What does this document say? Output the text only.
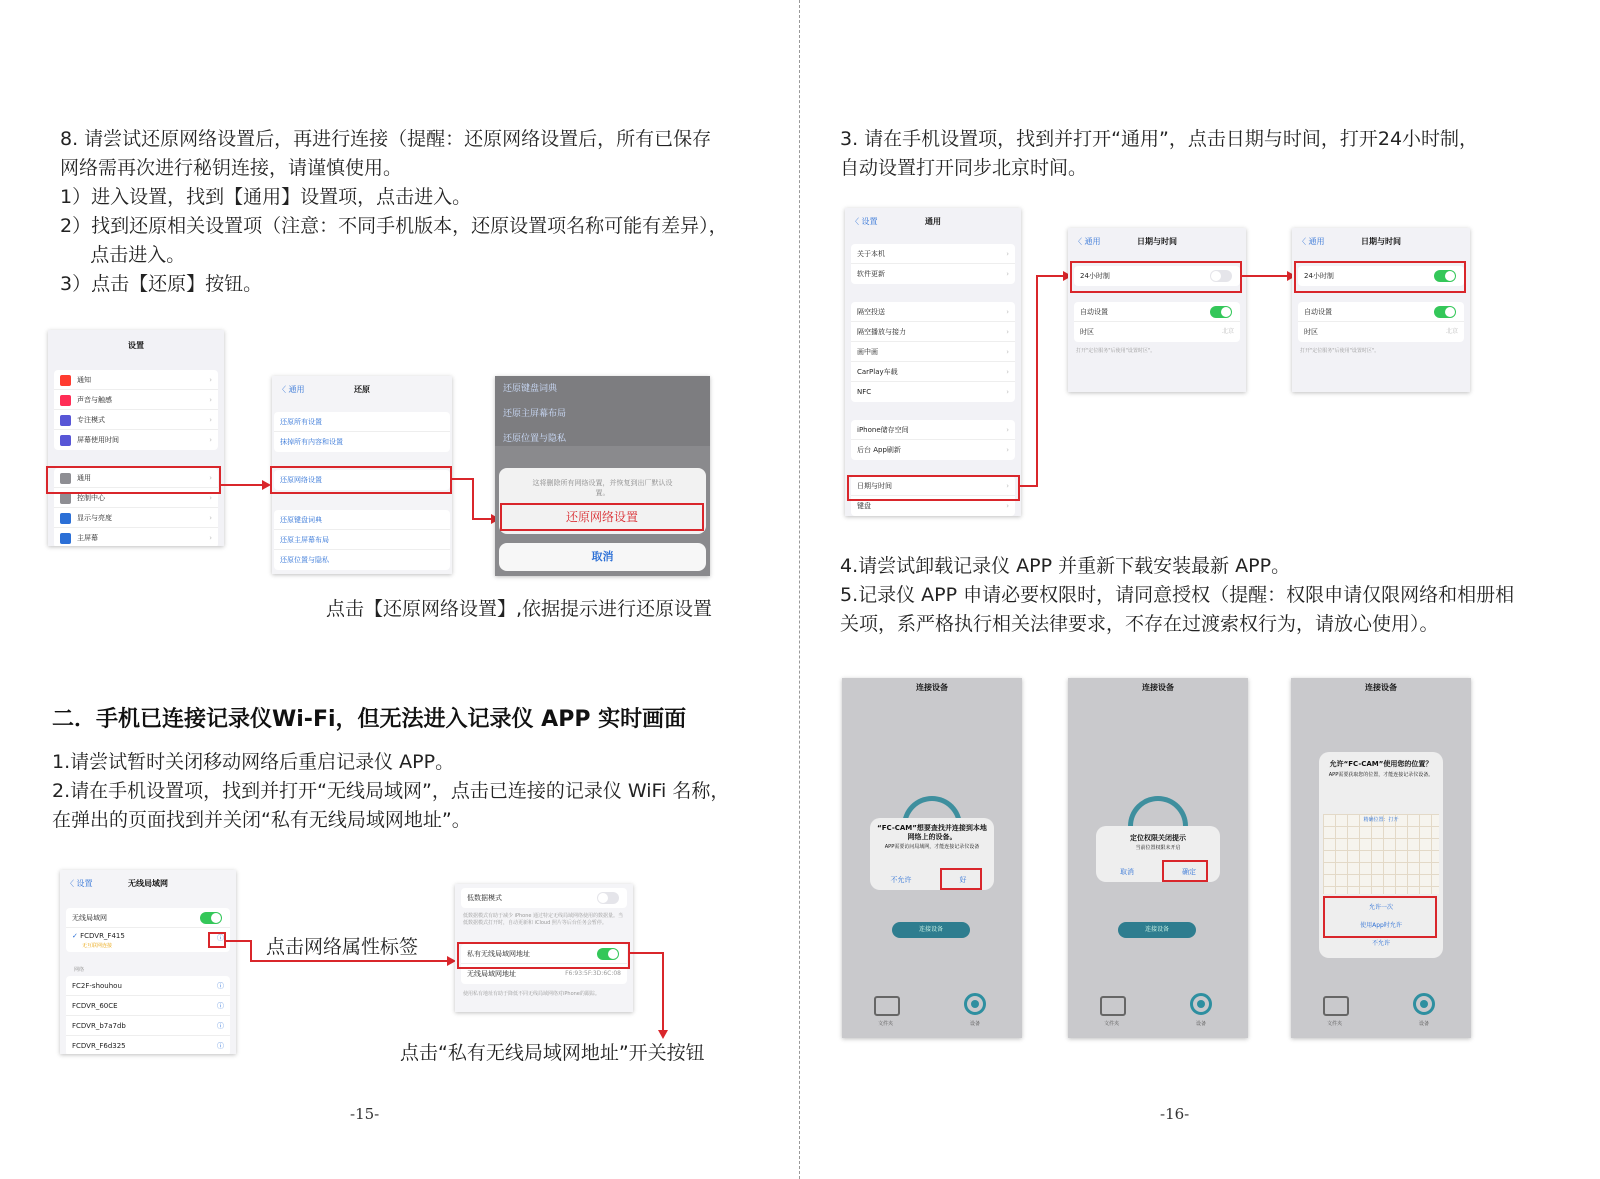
8. 请尝试还原网络设置后，再进行连接（提醒：还原网络设置后，所有已保存
网络需再次进行秘钥连接，请谨慎使用。
1）进入设置，找到【通用】设置项，点击进入。
2）找到还原相关设置项（注意：不同手机版本，还原设置项名称可能有差异），
点击进入。
3）点击【还原】按钮。
设置
通知	›
声音与触感	›
专注模式	›
屏幕使用时间	›
通用	›
控制中心	›
显示与亮度	›
主屏幕	›
〈 通用	还原
还原所有设置
抹掉所有内容和设置
还原网络设置
还原键盘词典
还原主屏幕布局
还原位置与隐私
还原键盘词典
还原主屏幕布局
还原位置与隐私
这将删除所有网络设置，并恢复到出厂默认设置。
取消
还原网络设置
点击【还原网络设置】,依据提示进行还原设置
二．手机已连接记录仪Wi-Fi，但无法进入记录仪 APP 实时画面
1.请尝试暂时关闭移动网络后重启记录仪 APP。
2.请在手机设置项，找到并打开“无线局域网”，点击已连接的记录仪 WiFi 名称，
在弹出的页面找到并关闭“私有无线局域网地址”。
〈 设置	无线局域网
无线局域网
✓ FCDVR_F415
无互联网连接
ⓘ
网络
FC2F-shouhou	ⓘ
FCDVR_60CE	ⓘ
FCDVR_b7a7db	ⓘ
FCDVR_F6d325	ⓘ
点击网络属性标签
低数据模式
低数据模式有助于减少 iPhone 通过特定无线局域网络使用的数据量。当低数据模式打开时，自动更新和 iCloud 照片等后台任务会暂停。
私有无线局域网地址
无线局域网地址	F6:93:5F:3D:6C:08
使用私有地址有助于降低不同无线局域网络对iPhone的跟踪。
点击“私有无线局域网地址”开关按钮
-15-
3. 请在手机设置项，找到并打开“通用”，点击日期与时间，打开24小时制，
自动设置打开同步北京时间。
〈 设置	通用
关于本机	›
软件更新	›
隔空投送	›
隔空播放与接力	›
画中画	›
CarPlay车载	›
NFC	›
iPhone储存空间	›
后台 App刷新	›
日期与时间	›
键盘	›
〈 通用	日期与时间
24小时制
自动设置
时区	北京
打开"定位服务"后使用"设置时区"。
〈 通用	日期与时间
24小时制
自动设置
时区	北京
打开"定位服务"后使用"设置时区"。
4.请尝试卸载记录仪 APP 并重新下载安装最新 APP。
5.记录仪 APP 申请必要权限时，请同意授权（提醒：权限申请仅限网络和相册相
关项，系严格执行相关法律要求，不存在过渡索权行为，请放心使用）。
连接设备
“FC-CAM”想要查找并连接到本地网络上的设备。
APP需要访问局域网，才能连接记录仪设备
不允许	好
连接设备
文件夹	设备
连接设备
定位权限关闭提示
当前位置权限未开启
取消	确定
连接设备
文件夹	设备
连接设备
允许“FC-CAM”使用您的位置？
APP需要获取您的位置，才能连接记录仪设备。
精确位置：打开
允许一次
使用App时允许
不允许
文件夹	设备
-16-
